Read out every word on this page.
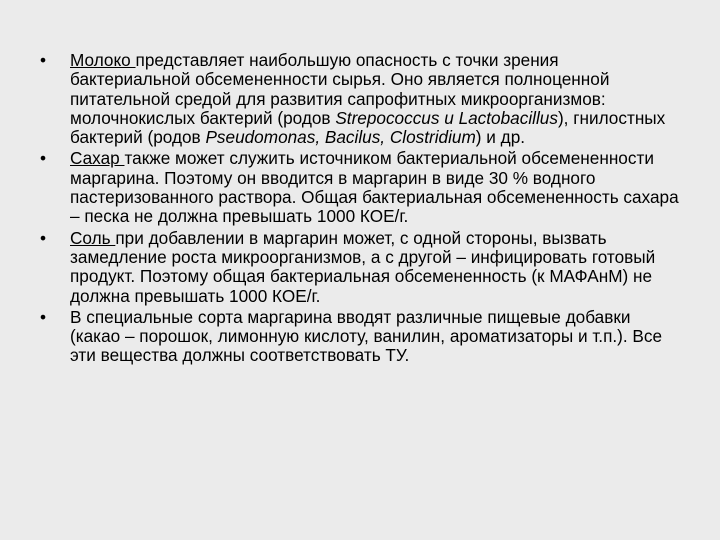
•	Молоко представляет наибольшую опасность с точки зрения бактериальной обсемененности сырья. Оно является полноценной питательной средой для развития сапрофитных микроорганизмов: молочнокислых бактерий (родов Strepococcus u Lactobacillus), гнилостных бактерий (родов Pseudomonas, Bacilus, Clostridium) и др.
•	Сахар также может служить источником бактериальной обсемененности маргарина. Поэтому он вводится в маргарин в виде 30 % водного пастеризованного раствора. Общая бактериальная обсемененность сахара – песка не должна превышать 1000 КОЕ/г.
•	Соль при добавлении в маргарин может, с одной стороны, вызвать замедление роста микроорганизмов, а с другой – инфицировать готовый продукт. Поэтому общая бактериальная обсемененность (к МАФАнМ) не должна превышать 1000 КОЕ/г.
•	В специальные сорта маргарина вводят различные пищевые добавки (какао – порошок, лимонную кислоту, ванилин, ароматизаторы и т.п.). Все эти вещества должны соответствовать ТУ.
